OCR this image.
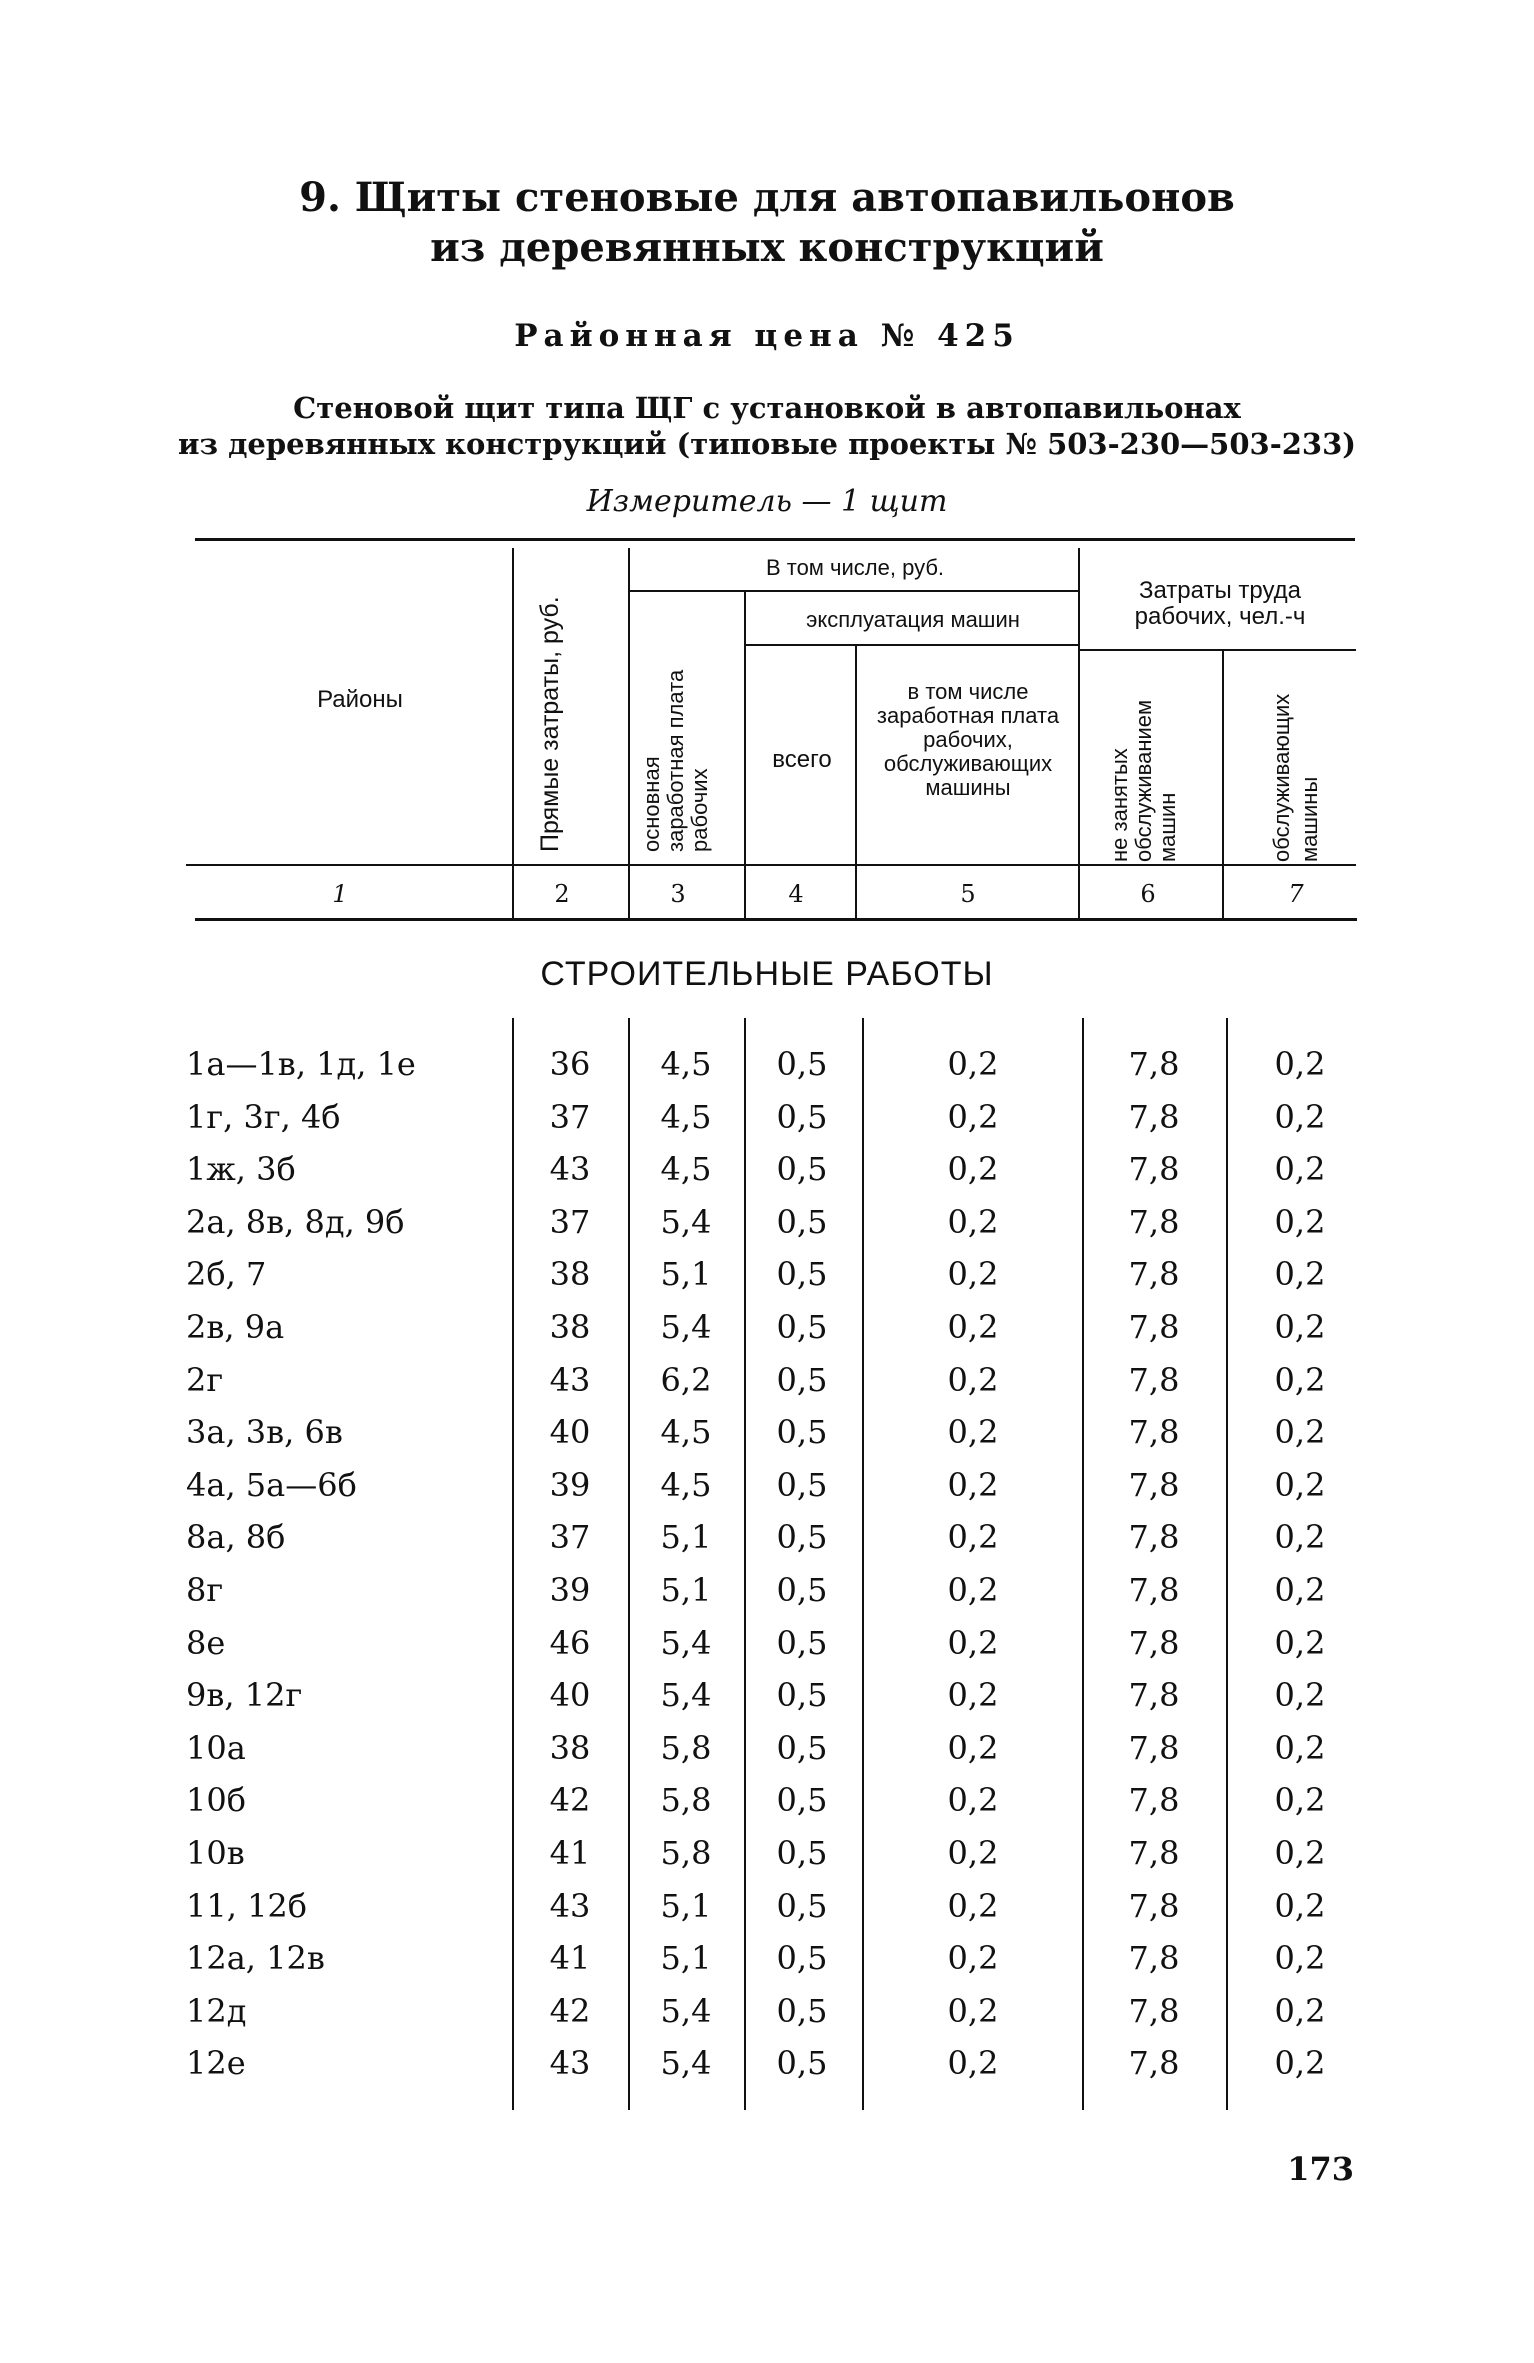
9. Щиты стеновые для автопавильонов
из деревянных конструкций
Районная цена № 425
Стеновой щит типа ЩГ с установкой в автопавильонах
из деревянных конструкций (типовые проекты № 503-230—503-233)
Измеритель — 1 щит
Районы	Прямые затраты, руб.
В том числе, руб.
основная заработная плата рабочих
эксплуатация машин
всего
в том числе заработная плата рабочих, обслуживающих машины
Затраты труда рабочих, чел.-ч
не занятых обслуживанием машин	обслуживающих машины
1	2	3	4	5	6	7
СТРОИТЕЛЬНЫЕ РАБОТЫ
1а—1в, 1д, 1е	36	4,5	0,5	0,2	7,8	0,2
1г, 3г, 4б	37	4,5	0,5	0,2	7,8	0,2
1ж, 3б	43	4,5	0,5	0,2	7,8	0,2
2а, 8в, 8д, 9б	37	5,4	0,5	0,2	7,8	0,2
2б, 7	38	5,1	0,5	0,2	7,8	0,2
2в, 9а	38	5,4	0,5	0,2	7,8	0,2
2г	43	6,2	0,5	0,2	7,8	0,2
3а, 3в, 6в	40	4,5	0,5	0,2	7,8	0,2
4а, 5а—6б	39	4,5	0,5	0,2	7,8	0,2
8а, 8б	37	5,1	0,5	0,2	7,8	0,2
8г	39	5,1	0,5	0,2	7,8	0,2
8е	46	5,4	0,5	0,2	7,8	0,2
9в, 12г	40	5,4	0,5	0,2	7,8	0,2
10а	38	5,8	0,5	0,2	7,8	0,2
10б	42	5,8	0,5	0,2	7,8	0,2
10в	41	5,8	0,5	0,2	7,8	0,2
11, 12б	43	5,1	0,5	0,2	7,8	0,2
12а, 12в	41	5,1	0,5	0,2	7,8	0,2
12д	42	5,4	0,5	0,2	7,8	0,2
12е	43	5,4	0,5	0,2	7,8	0,2
173
